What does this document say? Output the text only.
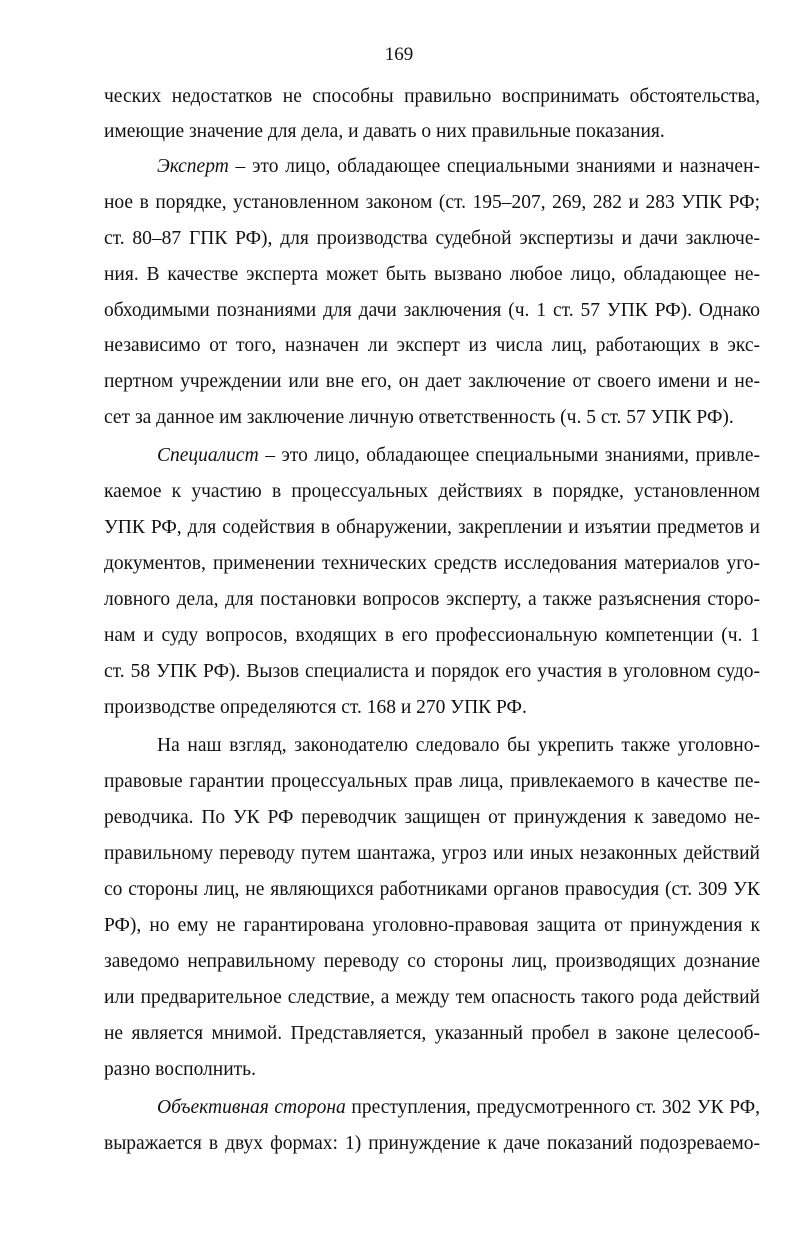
169
ческих недостатков не способны правильно воспринимать обстоятельства,
имеющие значение для дела, и давать о них правильные показания.
Эксперт – это лицо, обладающее специальными знаниями и назначен-
ное в порядке, установленном законом (ст. 195–207, 269, 282 и 283 УПК РФ;
ст. 80–87 ГПК РФ), для производства судебной экспертизы и дачи заключе-
ния. В качестве эксперта может быть вызвано любое лицо, обладающее не-
обходимыми познаниями для дачи заключения (ч. 1 ст. 57 УПК РФ). Однако
независимо от того, назначен ли эксперт из числа лиц, работающих в экс-
пертном учреждении или вне его, он дает заключение от своего имени и не-
сет за данное им заключение личную ответственность (ч. 5 ст. 57 УПК РФ).
Специалист – это лицо, обладающее специальными знаниями, привле-
каемое к участию в процессуальных действиях в порядке, установленном
УПК РФ, для содействия в обнаружении, закреплении и изъятии предметов и
документов, применении технических средств исследования материалов уго-
ловного дела, для постановки вопросов эксперту, а также разъяснения сторо-
нам и суду вопросов, входящих в его профессиональную компетенции (ч. 1
ст. 58 УПК РФ). Вызов специалиста и порядок его участия в уголовном судо-
производстве определяются ст. 168 и 270 УПК РФ.
На наш взгляд, законодателю следовало бы укрепить также уголовно-
правовые гарантии процессуальных прав лица, привлекаемого в качестве пе-
реводчика. По УК РФ переводчик защищен от принуждения к заведомо не-
правильному переводу путем шантажа, угроз или иных незаконных действий
со стороны лиц, не являющихся работниками органов правосудия (ст. 309 УК
РФ), но ему не гарантирована уголовно-правовая защита от принуждения к
заведомо неправильному переводу со стороны лиц, производящих дознание
или предварительное следствие, а между тем опасность такого рода действий
не является мнимой. Представляется, указанный пробел в законе целесооб-
разно восполнить.
Объективная сторона преступления, предусмотренного ст. 302 УК РФ,
выражается в двух формах: 1) принуждение к даче показаний подозреваемо-
